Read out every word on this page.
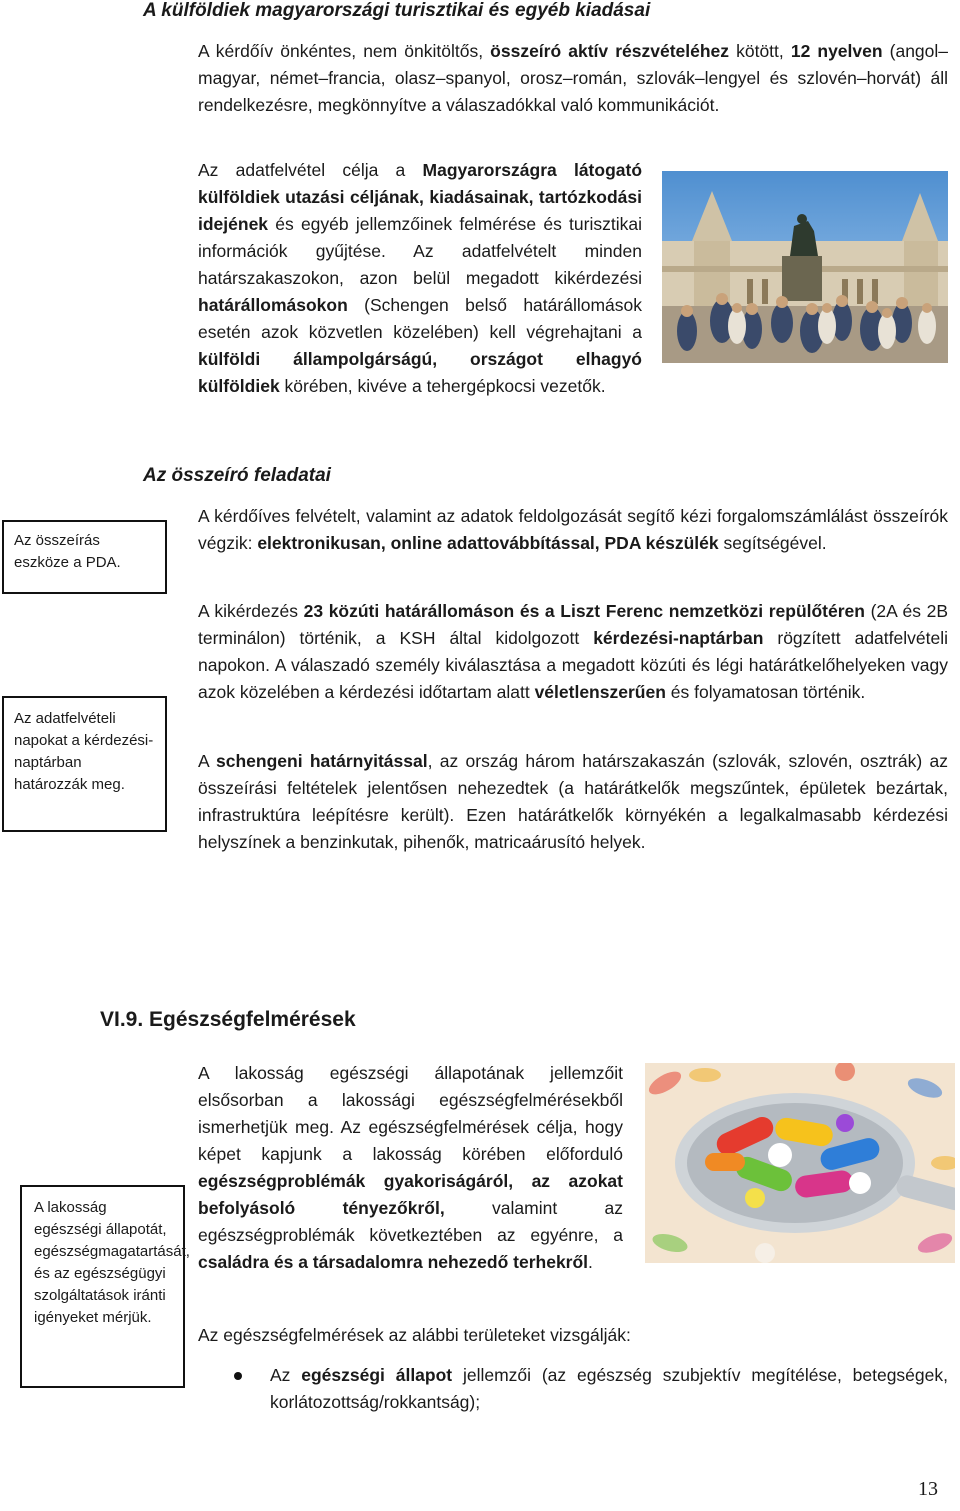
A külföldiek magyarországi turisztikai és egyéb kiadásai
A kérdőív önkéntes, nem önkitöltős, összeíró aktív részvételéhez kötött, 12 nyelven (angol–magyar, német–francia, olasz–spanyol, orosz–román, szlovák–lengyel és szlovén–horvát) áll rendelkezésre, megkönnyítve a válaszadókkal való kommunikációt.
Az adatfelvétel célja a Magyarországra látogató külföldiek utazási céljának, kiadásainak, tartózkodási idejének és egyéb jellemzőinek felmérése és turisztikai információk gyűjtése. Az adatfelvételt minden határszakaszokon, azon belül megadott kikérdezési határállomásokon (Schengen belső határállomások esetén azok közvetlen közelében) kell végrehajtani a külföldi állampolgárságú, országot elhagyó külföldiek körében, kivéve a tehergépkocsi vezetők.
Az összeíró feladatai
Az összeírás eszköze a PDA.
Az adatfelvételi napokat a kérdezési-naptárban határozzák meg.
A kérdőíves felvételt, valamint az adatok feldolgozását segítő kézi forgalomszámlálást összeírók végzik: elektronikusan, online adattovábbítással, PDA készülék segítségével.
A kikérdezés 23 közúti határállomáson és a Liszt Ferenc nemzetközi repülőtéren (2A és 2B terminálon) történik, a KSH által kidolgozott kérdezési-naptárban rögzített adatfelvételi napokon. A válaszadó személy kiválasztása a megadott közúti és légi határátkelőhelyeken vagy azok közelében a kérdezési időtartam alatt véletlenszerűen és folyamatosan történik.
A schengeni határnyitással, az ország három határszakaszán (szlovák, szlovén, osztrák) az összeírási feltételek jelentősen nehezedtek (a határátkelők megszűntek, épületek bezártak, infrastruktúra leépítésre került). Ezen határátkelők környékén a legalkalmasabb kérdezési helyszínek a benzinkutak, pihenők, matricaárusító helyek.
VI.9. Egészségfelmérések
A lakosság egészségi állapotát, egészségmagatartását, és az egészségügyi szolgáltatások iránti igényeket mérjük.
A lakosság egészségi állapotának jellemzőit elsősorban a lakossági egészségfelmérésekből ismerhetjük meg. Az egészségfelmérések célja, hogy képet kapjunk a lakosság körében előforduló egészségproblémák gyakoriságáról, az azokat befolyásoló tényezőkről, valamint az egészségproblémák következtében az egyénre, a családra és a társadalomra nehezedő terhekről.
Az egészségfelmérések az alábbi területeket vizsgálják:
Az egészségi állapot jellemzői (az egészség szubjektív megítélése, betegségek, korlátozottság/rokkantság);
13
